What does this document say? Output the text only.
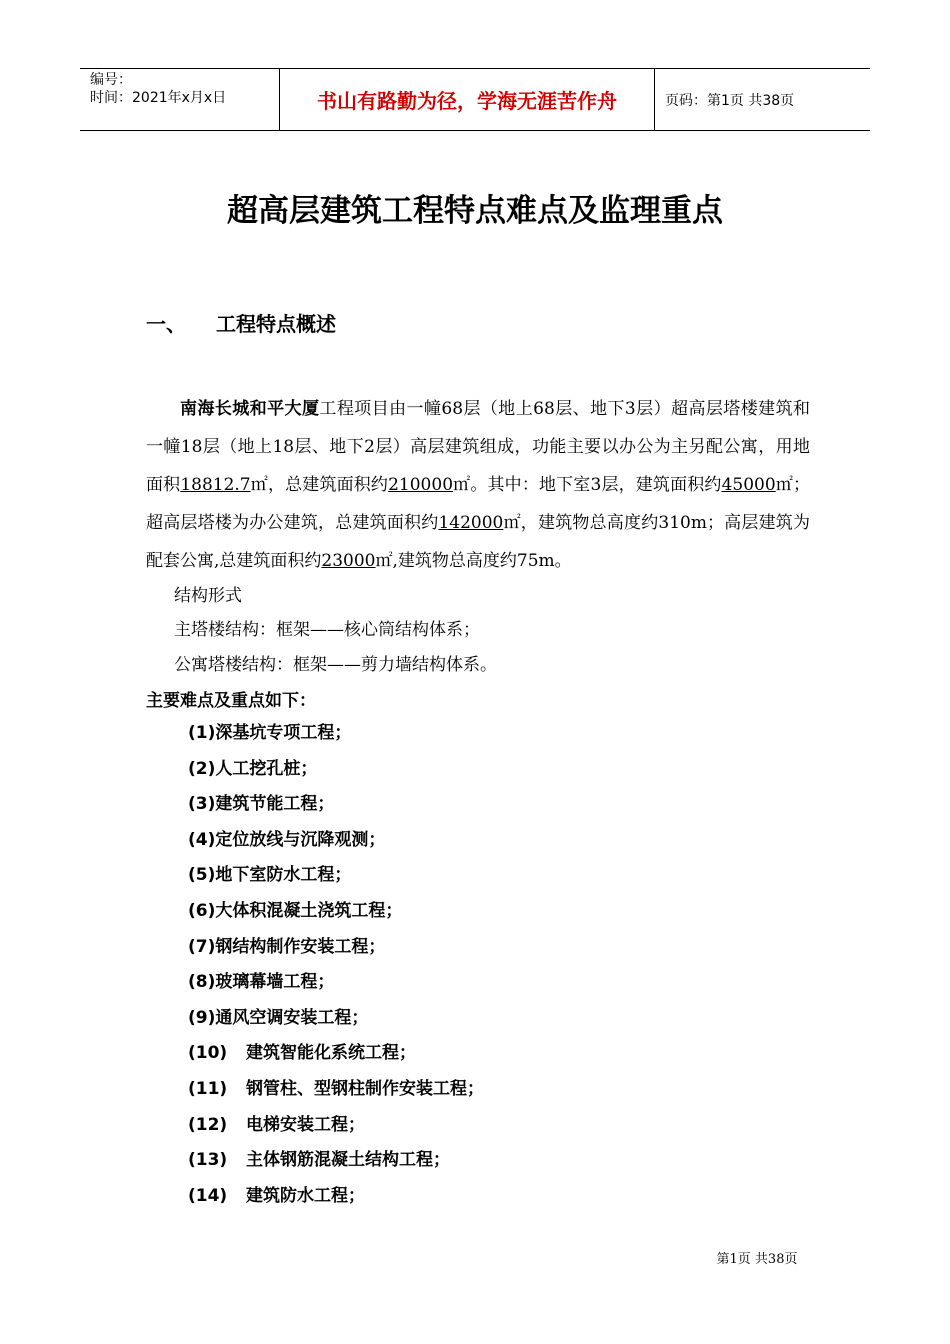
编号：
时间：2021年x月x日	书山有路勤为径，学海无涯苦作舟	页码：第1页 共38页
超高层建筑工程特点难点及监理重点
一、 工程特点概述

南海长城和平大厦工程项目由一幢68层（地上68层、地下3层）超高层塔楼建筑和一幢18层（地上18层、地下2层）高层建筑组成，功能主要以办公为主另配公寓，用地面积18812.7㎡，总建筑面积约210000㎡。其中：地下室3层，建筑面积约45000㎡；超高层塔楼为办公建筑，总建筑面积约142000㎡，建筑物总高度约310m；高层建筑为配套公寓,总建筑面积约23000㎡,建筑物总高度约75m。

结构形式
主塔楼结构：框架——核心筒结构体系；
公寓塔楼结构：框架——剪力墙结构体系。
主要难点及重点如下：
(1)深基坑专项工程；
(2)人工挖孔桩；
(3)建筑节能工程；
(4)定位放线与沉降观测；
(5)地下室防水工程；
(6)大体积混凝土浇筑工程；
(7)钢结构制作安装工程；
(8)玻璃幕墙工程；
(9)通风空调安装工程；
(10) 建筑智能化系统工程；
(11) 钢管柱、型钢柱制作安装工程；
(12) 电梯安装工程；
(13) 主体钢筋混凝土结构工程；
(14) 建筑防水工程；
第1页 共38页
